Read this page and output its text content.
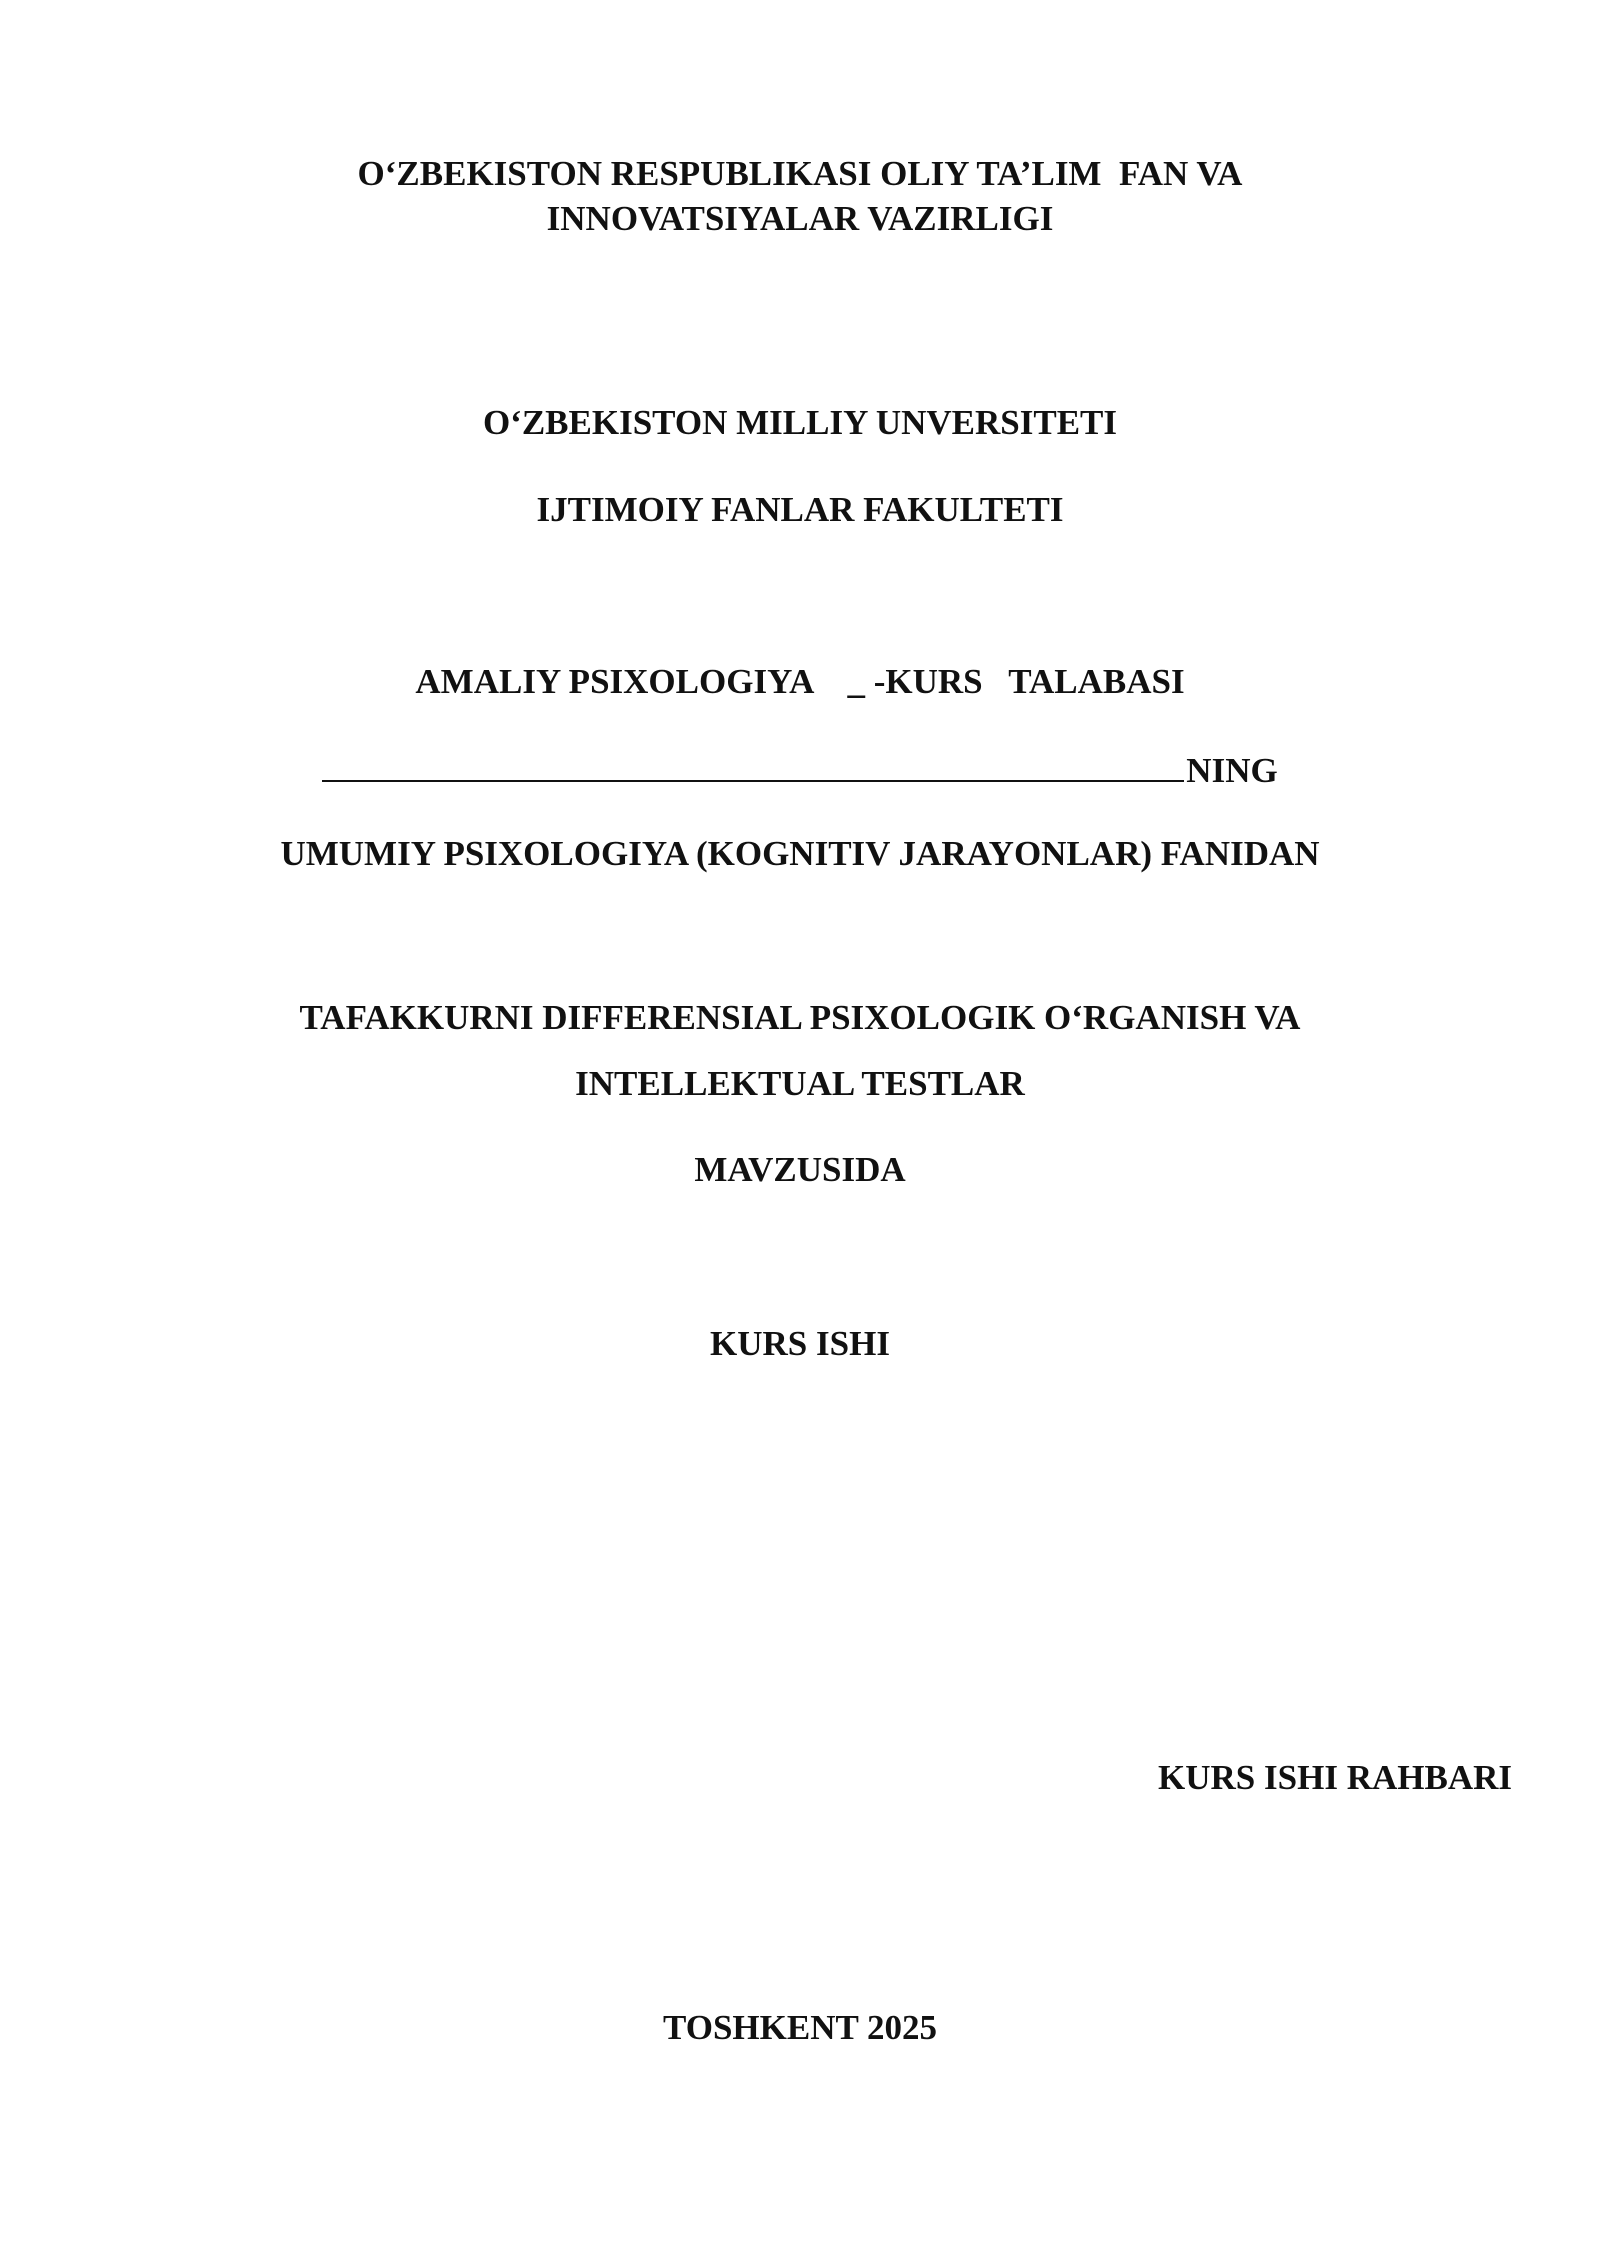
O‘ZBEKISTON RESPUBLIKASI OLIY TA’LIM  FAN VA

INNOVATSIYALAR VAZIRLIGI

O‘ZBEKISTON MILLIY UNVERSITETI

IJTIMOIY FANLAR FAKULTETI

AMALIY PSIXOLOGIYA    _ -KURS   TALABASI

NING

UMUMIY PSIXOLOGIYA (KOGNITIV JARAYONLAR) FANIDAN

TAFAKKURNI DIFFERENSIAL PSIXOLOGIK O‘RGANISH VA

INTELLEKTUAL TESTLAR

MAVZUSIDA

KURS ISHI

KURS ISHI RAHBARI

TOSHKENT 2025
